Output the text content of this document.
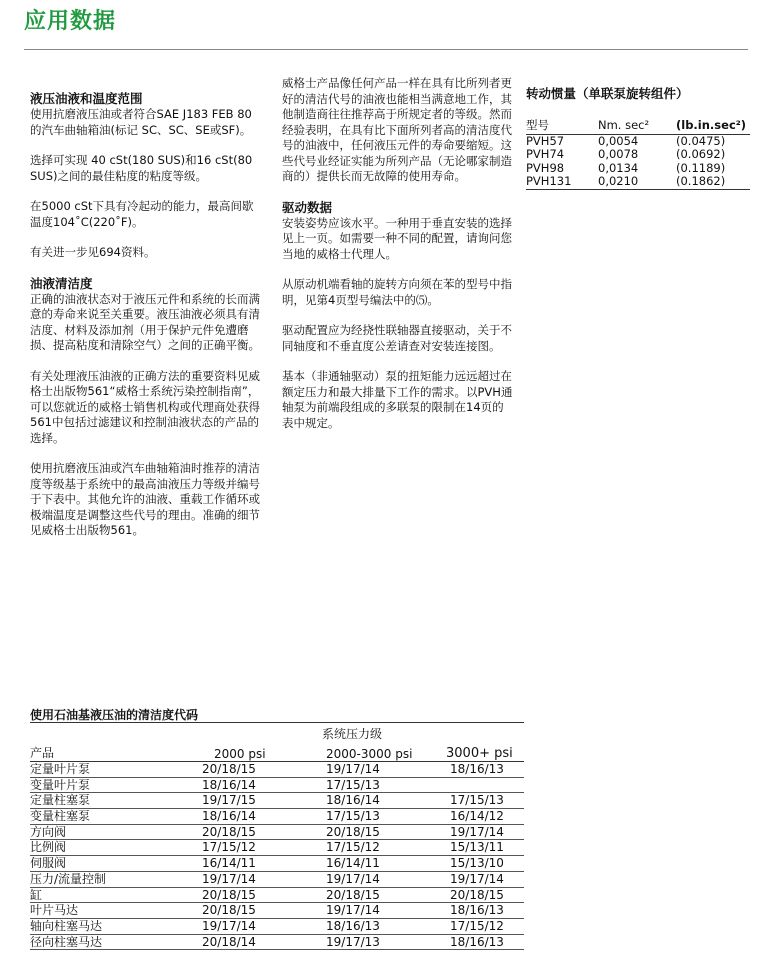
应用数据
液压油液和温度范围

使用抗磨液压油或者符合SAE J183 FEB 80的汽车曲轴箱油(标记 SC、SC、SE或SF)。

选择可实现 40 cSt(180 SUS)和16 cSt(80 SUS)之间的最佳粘度的粘度等级。

在5000 cSt下具有冷起动的能力，最高间歇温度104˚C(220˚F)。

有关进一步见694资料。

油液清洁度

正确的油液状态对于液压元件和系统的长而满意的寿命来说至关重要。液压油液必须具有清洁度、材料及添加剂（用于保护元件免遭磨损、提高粘度和清除空气）之间的正确平衡。

有关处理液压油液的正确方法的重要资料见威格士出版物561“威格士系统污染控制指南”，可以您就近的威格士销售机构或代理商处获得 561中包括过滤建议和控制油液状态的产品的选择。

使用抗磨液压油或汽车曲轴箱油时推荐的清洁度等级基于系统中的最高油液压力等级并编号于下表中。其他允许的油液、重载工作循环或极端温度是调整这些代号的理由。准确的细节见威格士出版物561。

威格士产品像任何产品一样在具有比所列者更好的清洁代号的油液也能相当满意地工作，其他制造商往往推荐高于所规定者的等级。然而经验表明，在具有比下面所列者高的清洁度代号的油液中，任何液压元件的寿命要缩短。这些代号业经证实能为所列产品（无论哪家制造商的）提供长而无故障的使用寿命。

驱动数据

安装姿势应该水平。一种用于垂直安装的选择见上一页。如需要一种不同的配置，请询问您当地的威格士代理人。

从原动机端看轴的旋转方向须在苯的型号中指明，见第4页型号编法中的⑸。

驱动配置应为经挠性联轴器直接驱动，关于不同轴度和不垂直度公差请查对安装连接图。

基本（非通轴驱动）泵的扭矩能力远远超过在额定压力和最大排量下工作的需求。以PVH通轴泵为前端段组成的多联泵的限制在14页的表中规定。

转动惯量（单联泵旋转组件）
型号	Nm. sec²	(lb.in.sec²)
PVH57	0,0054	(0.0475)
PVH74	0,0078	(0.0692)
PVH98	0,0134	(0.1189)
PVH131	0,0210	(0.1862)
使用石油基液压油的清洁度代码
系统压力级
产品	2000 psi	2000-3000 psi	3000+ psi
定量叶片泵	20/18/15	19/17/14	18/16/13
变量叶片泵	18/16/14	17/15/13
定量柱塞泵	19/17/15	18/16/14	17/15/13
变量柱塞泵	18/16/14	17/15/13	16/14/12
方向阀	20/18/15	20/18/15	19/17/14
比例阀	17/15/12	17/15/12	15/13/11
伺服阀	16/14/11	16/14/11	15/13/10
压力/流量控制	19/17/14	19/17/14	19/17/14
缸	20/18/15	20/18/15	20/18/15
叶片马达	20/18/15	19/17/14	18/16/13
轴向柱塞马达	19/17/14	18/16/13	17/15/12
径向柱塞马达	20/18/14	19/17/13	18/16/13
